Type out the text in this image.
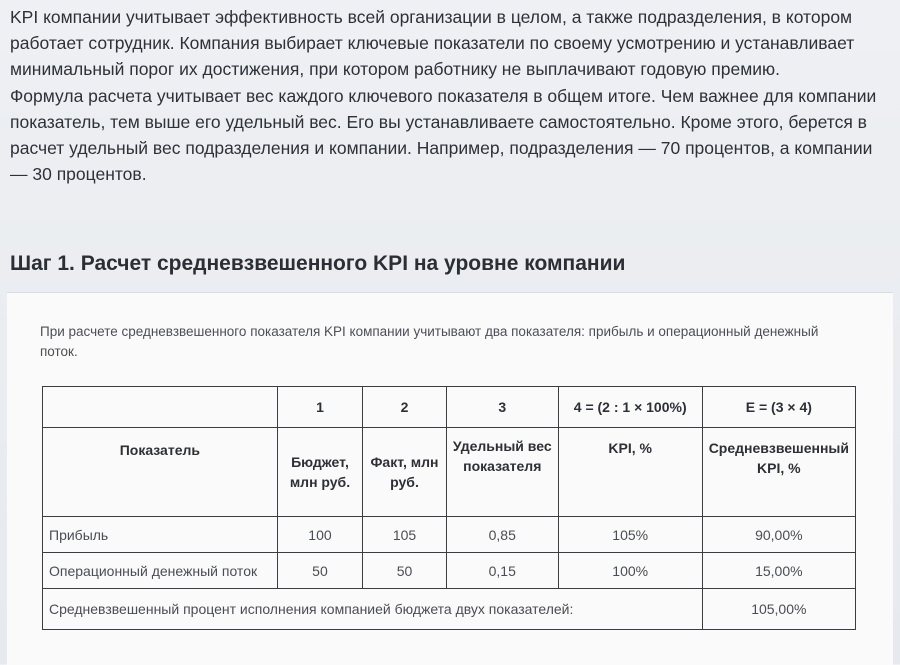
KPI компании учитывает эффективность всей организации в целом, а также подразделения, в котором работает сотрудник. Компания выбирает ключевые показатели по своему усмотрению и устанавливает минимальный порог их достижения, при котором работнику не выплачивают годовую премию.

Формула расчета учитывает вес каждого ключевого показателя в общем итоге. Чем важнее для компании показатель, тем выше его удельный вес. Его вы устанавливаете самостоятельно. Кроме этого, берется в расчет удельный вес подразделения и компании. Например, подразделения — 70 процентов, а компании — 30 процентов.

Шаг 1. Расчет средневзвешенного KPI на уровне компании

При расчете средневзвешенного показателя KPI компании учитывают два показателя: прибыль и операционный денежный поток.

	1	2	3	4 = (2 : 1 × 100%)	Е = (3 × 4)
Показатель	Бюджет, млн руб.	Факт, млн руб.	Удельный вес показателя	KPI, %	Средневзвешенный KPI, %
Прибыль	100	105	0,85	105%	90,00%
Операционный денежный поток	50	50	0,15	100%	15,00%
Средневзвешенный процент исполнения компанией бюджета двух показателей:					105,00%
